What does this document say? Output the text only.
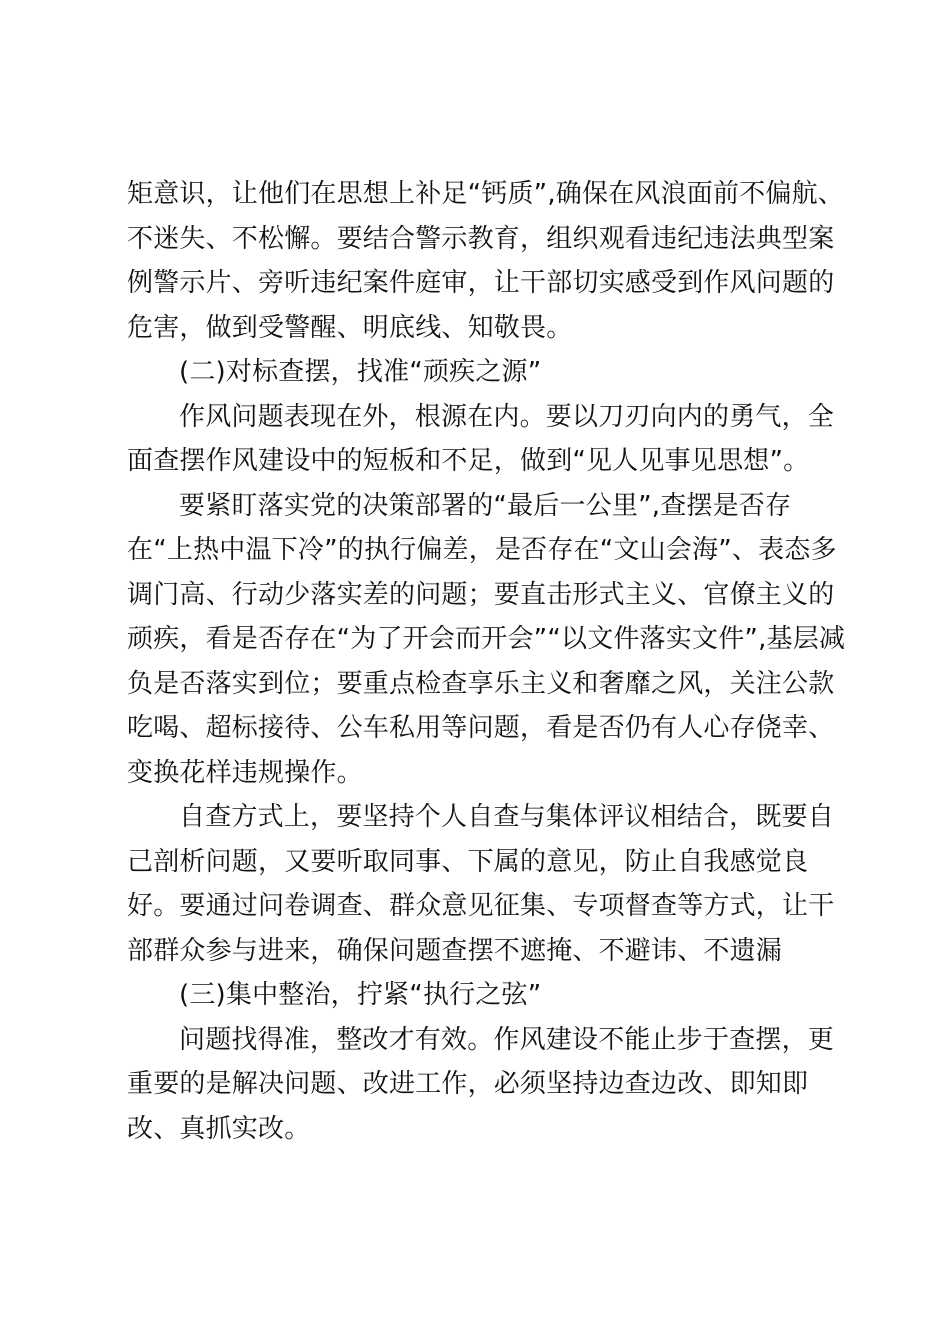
矩意识，让他们在思想上补足“钙质”,确保在风浪面前不偏航、
不迷失、不松懈。要结合警示教育，组织观看违纪违法典型案
例警示片、旁听违纪案件庭审，让干部切实感受到作风问题的
危害，做到受警醒、明底线、知敬畏。
(二)对标查摆，找准“顽疾之源”
作风问题表现在外，根源在内。要以刀刃向内的勇气，全
面查摆作风建设中的短板和不足，做到“见人见事见思想”。
要紧盯落实党的决策部署的“最后一公里”,查摆是否存
在“上热中温下冷”的执行偏差，是否存在“文山会海”、表态多
调门高、行动少落实差的问题；要直击形式主义、官僚主义的
顽疾，看是否存在“为了开会而开会”“以文件落实文件”,基层减
负是否落实到位；要重点检查享乐主义和奢靡之风，关注公款
吃喝、超标接待、公车私用等问题，看是否仍有人心存侥幸、
变换花样违规操作。
自查方式上，要坚持个人自查与集体评议相结合，既要自
己剖析问题，又要听取同事、下属的意见，防止自我感觉良
好。要通过问卷调查、群众意见征集、专项督查等方式，让干
部群众参与进来，确保问题查摆不遮掩、不避讳、不遗漏
(三)集中整治，拧紧“执行之弦”
问题找得准，整改才有效。作风建设不能止步于查摆，更
重要的是解决问题、改进工作，必须坚持边查边改、即知即
改、真抓实改。
